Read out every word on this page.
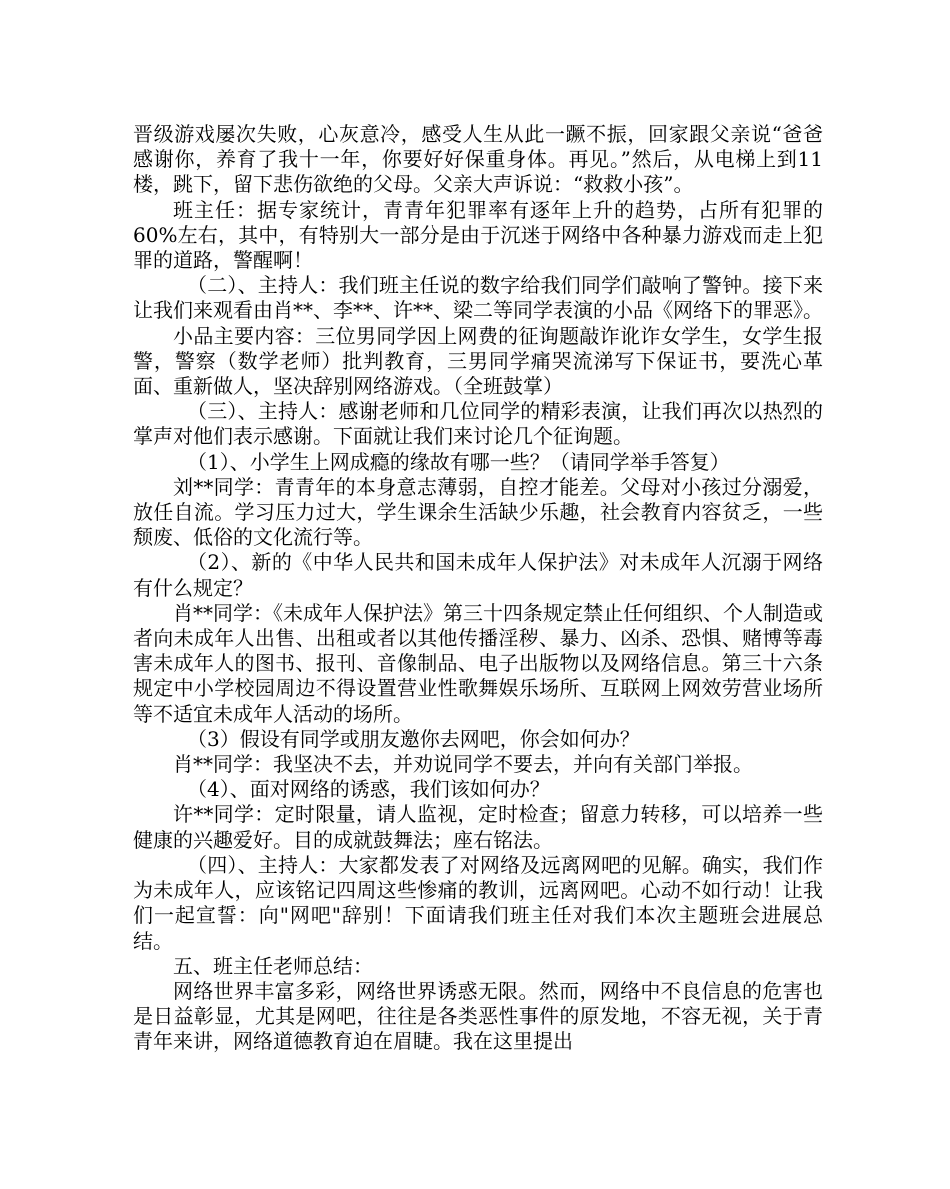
晋级游戏屡次失败，心灰意冷，感受人生从此一蹶不振，回家跟父亲说“爸爸感谢你，养育了我十一年，你要好好保重身体。再见。”然后，从电梯上到11楼，跳下，留下悲伤欲绝的父母。父亲大声诉说：“救救小孩”。

班主任：据专家统计，青青年犯罪率有逐年上升的趋势，占所有犯罪的60%左右，其中，有特别大一部分是由于沉迷于网络中各种暴力游戏而走上犯罪的道路，警醒啊！

（二）、主持人：我们班主任说的数字给我们同学们敲响了警钟。接下来让我们来观看由肖**、李**、许**、梁二等同学表演的小品《网络下的罪恶》。

小品主要内容：三位男同学因上网费的征询题敲诈讹诈女学生，女学生报警，警察（数学老师）批判教育，三男同学痛哭流涕写下保证书，要洗心革面、重新做人，坚决辞别网络游戏。（全班鼓掌）

（三）、主持人：感谢老师和几位同学的精彩表演，让我们再次以热烈的掌声对他们表示感谢。下面就让我们来讨论几个征询题。

（1）、小学生上网成瘾的缘故有哪一些？（请同学举手答复）

刘**同学：青青年的本身意志薄弱，自控才能差。父母对小孩过分溺爱，放任自流。学习压力过大，学生课余生活缺少乐趣，社会教育内容贫乏，一些颓废、低俗的文化流行等。

（2）、新的《中华人民共和国未成年人保护法》对未成年人沉溺于网络有什么规定？

肖**同学：《未成年人保护法》第三十四条规定禁止任何组织、个人制造或者向未成年人出售、出租或者以其他传播淫秽、暴力、凶杀、恐惧、赌博等毒害未成年人的图书、报刊、音像制品、电子出版物以及网络信息。第三十六条规定中小学校园周边不得设置营业性歌舞娱乐场所、互联网上网效劳营业场所等不适宜未成年人活动的场所。

（3）假设有同学或朋友邀你去网吧，你会如何办？

肖**同学：我坚决不去，并劝说同学不要去，并向有关部门举报。

（4）、面对网络的诱惑，我们该如何办？

许**同学：定时限量，请人监视，定时检查；留意力转移，可以培养一些健康的兴趣爱好。目的成就鼓舞法；座右铭法。

（四）、主持人：大家都发表了对网络及远离网吧的见解。确实，我们作为未成年人，应该铭记四周这些惨痛的教训，远离网吧。心动不如行动！让我们一起宣誓：向"网吧"辞别！下面请我们班主任对我们本次主题班会进展总结。

五、班主任老师总结：

网络世界丰富多彩，网络世界诱惑无限。然而，网络中不良信息的危害也是日益彰显，尤其是网吧，往往是各类恶性事件的原发地，不容无视，关于青青年来讲，网络道德教育迫在眉睫。我在这里提出
